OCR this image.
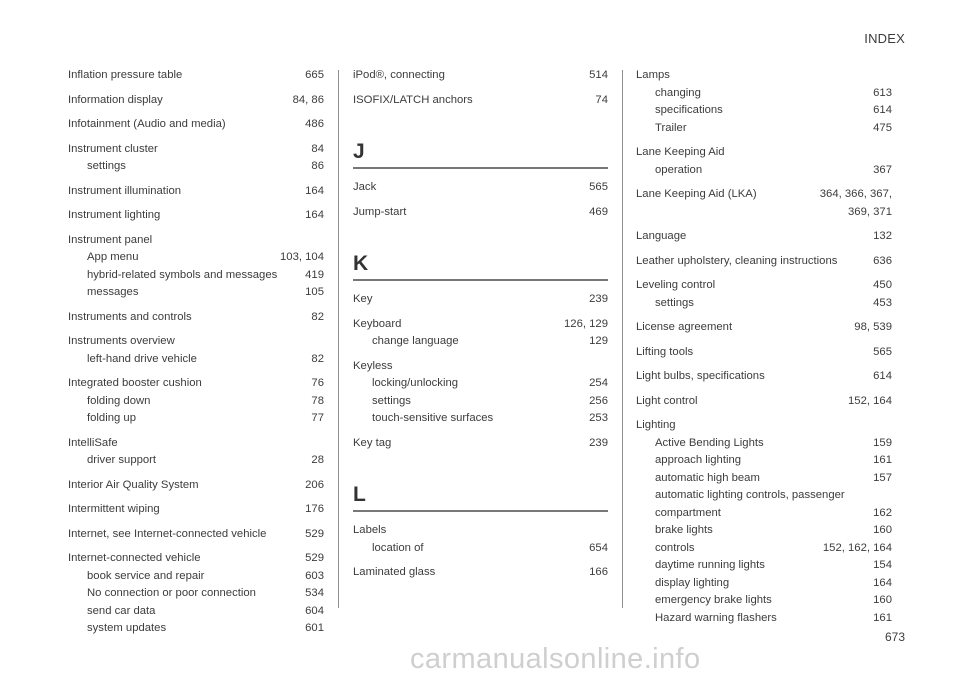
INDEX
Inflation pressure table	665
Information display	84, 86
Infotainment (Audio and media)	486
Instrument cluster	84
settings	86
Instrument illumination	164
Instrument lighting	164
Instrument panel
App menu	103, 104
hybrid-related symbols and messages	419
messages	105
Instruments and controls	82
Instruments overview
left-hand drive vehicle	82
Integrated booster cushion	76
folding down	78
folding up	77
IntelliSafe
driver support	28
Interior Air Quality System	206
Intermittent wiping	176
Internet, see Internet-connected vehicle	529
Internet-connected vehicle	529
book service and repair	603
No connection or poor connection	534
send car data	604
system updates	601
iPod®, connecting	514
ISOFIX/LATCH anchors	74
J
Jack	565
Jump-start	469
K
Key	239
Keyboard	126, 129
change language	129
Keyless
locking/unlocking	254
settings	256
touch-sensitive surfaces	253
Key tag	239
L
Labels
location of	654
Laminated glass	166
Lamps
changing	613
specifications	614
Trailer	475
Lane Keeping Aid
operation	367
Lane Keeping Aid (LKA)	364, 366, 367,
369, 371
Language	132
Leather upholstery, cleaning instructions	636
Leveling control	450
settings	453
License agreement	98, 539
Lifting tools	565
Light bulbs, specifications	614
Light control	152, 164
Lighting
Active Bending Lights	159
approach lighting	161
automatic high beam	157
automatic lighting controls, passenger
compartment	162
brake lights	160
controls	152, 162, 164
daytime running lights	154
display lighting	164
emergency brake lights	160
Hazard warning flashers	161
673
carmanualsonline.info
